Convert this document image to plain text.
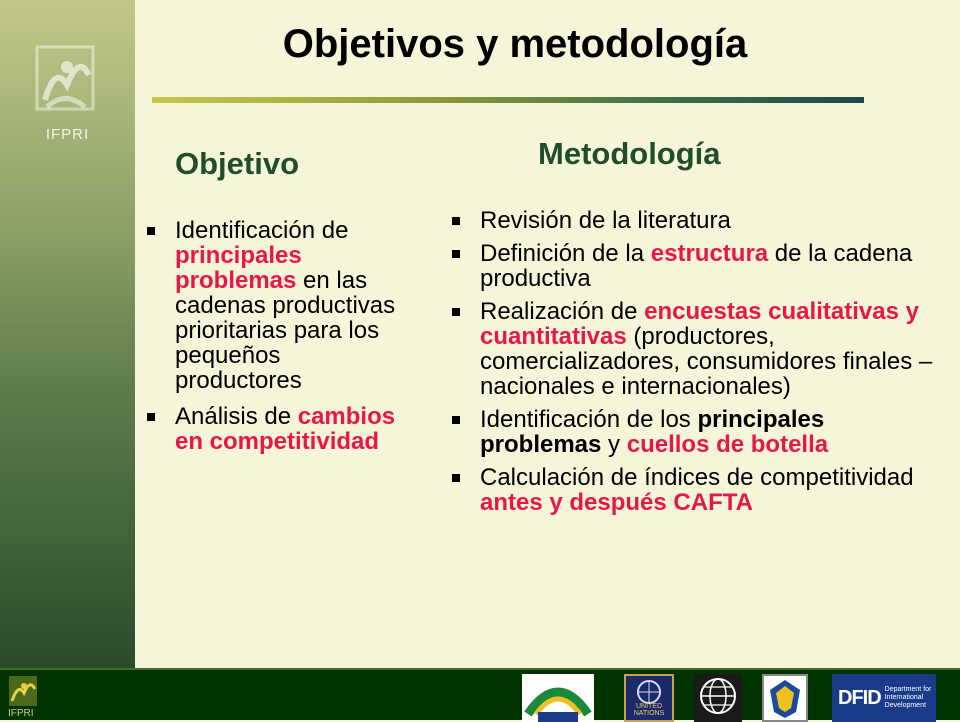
IFPRI
Objetivos y metodología
Objetivo	Metodología
Identificación de principales problemas en las cadenas productivas prioritarias para los pequeños productores
Análisis de cambios en competitividad
Revisión de la literatura
Definición de la estructura de la cadena productiva
Realización de encuestas cualitativas y cuantitativas (productores, comercializadores, consumidores finales – nacionales e internacionales)
Identificación de los principales problemas y cuellos de botella
Calculación de índices de competitividad antes y después CAFTA
IFPRI
UNITED NATIONS
DFID Department for International Development
